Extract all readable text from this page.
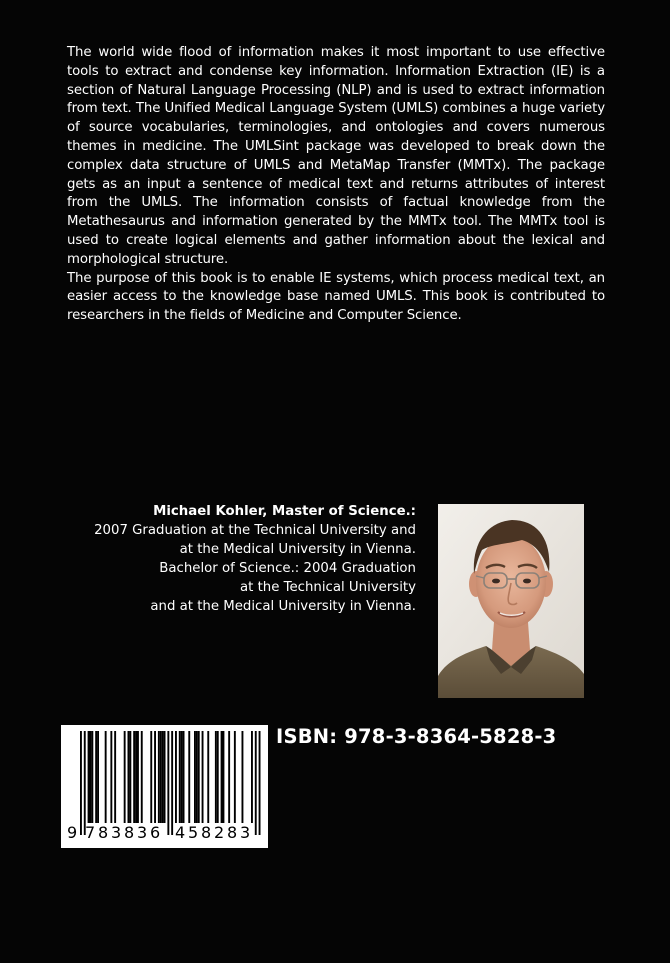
The world wide flood of information makes it most important to use effective tools to extract and condense key information. Information Extraction (IE) is a section of Natural Language Processing (NLP) and is used to extract information from text. The Unified Medical Language System (UMLS) combines a huge variety of source vocabularies, terminologies, and ontologies and covers numerous themes in medicine. The UMLSint package was developed to break down the complex data structure of UMLS and MetaMap Transfer (MMTx). The package gets as an input a sentence of medical text and returns attributes of interest from the UMLS. The information consists of factual knowledge from the Metathesaurus and information generated by the MMTx tool. The MMTx tool is used to create logical elements and gather information about the lexical and morphological structure.

The purpose of this book is to enable IE systems, which process medical text, an easier access to the knowledge base named UMLS. This book is contributed to researchers in the fields of Medicine and Computer Science.

Michael Kohler, Master of Science.:
2007 Graduation at the Technical University and
at the Medical University in Vienna.
Bachelor of Science.: 2004 Graduation
at the Technical University
and at the Medical University in Vienna.
9 7 8 3 8 3 6 4 5 8 2 8 3
ISBN: 978-3-8364-5828-3
